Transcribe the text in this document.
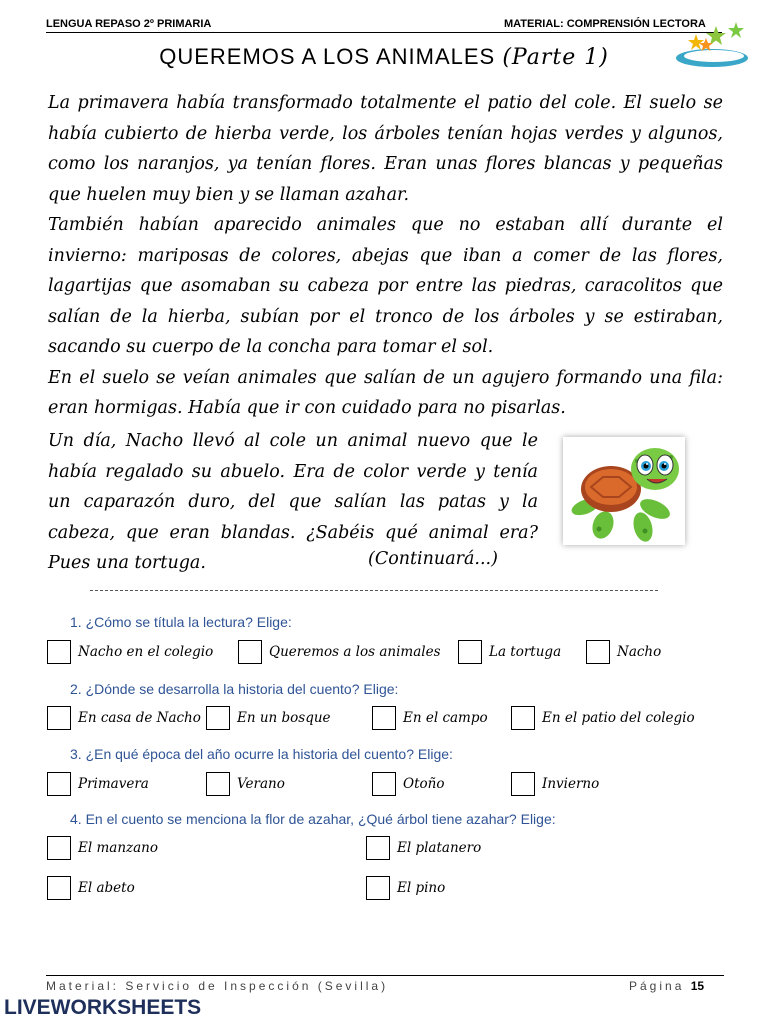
LENGUA REPASO 2º PRIMARIA	MATERIAL: COMPRENSIÓN LECTORA
QUEREMOS A LOS ANIMALES (Parte 1)

La primavera había transformado totalmente el patio del cole. El suelo se había cubierto de hierba verde, los árboles tenían hojas verdes y algunos, como los naranjos, ya tenían flores. Eran unas flores blancas y pequeñas que huelen muy bien y se llaman azahar.

También habían aparecido animales que no estaban allí durante el invierno: mariposas de colores, abejas que iban a comer de las flores, lagartijas que asomaban su cabeza por entre las piedras, caracolitos que salían de la hierba, subían por el tronco de los árboles y se estiraban, sacando su cuerpo de la concha para tomar el sol.

En el suelo se veían animales que salían de un agujero formando una fila: eran hormigas. Había que ir con cuidado para no pisarlas.

Un día, Nacho llevó al cole un animal nuevo que le había regalado su abuelo. Era de color verde y tenía un caparazón duro, del que salían las patas y la cabeza, que eran blandas. ¿Sabéis qué animal era? Pues una tortuga.	(Continuará...)
1. ¿Cómo se títula la lectura? Elige:
Nacho en el colegio	Queremos a los animales	La tortuga	Nacho
2. ¿Dónde se desarrolla la historia del cuento? Elige:
En casa de Nacho	En un bosque	En el campo	En el patio del colegio
3. ¿En qué época del año ocurre la historia del cuento? Elige:
Primavera	Verano	Otoño	Invierno
4. En el cuento se menciona la flor de azahar, ¿Qué árbol tiene azahar? Elige:
El manzano	El platanero
El abeto	El pino
Material: Servicio de Inspección (Sevilla)	Página 15
LIVEWORKSHEETS
